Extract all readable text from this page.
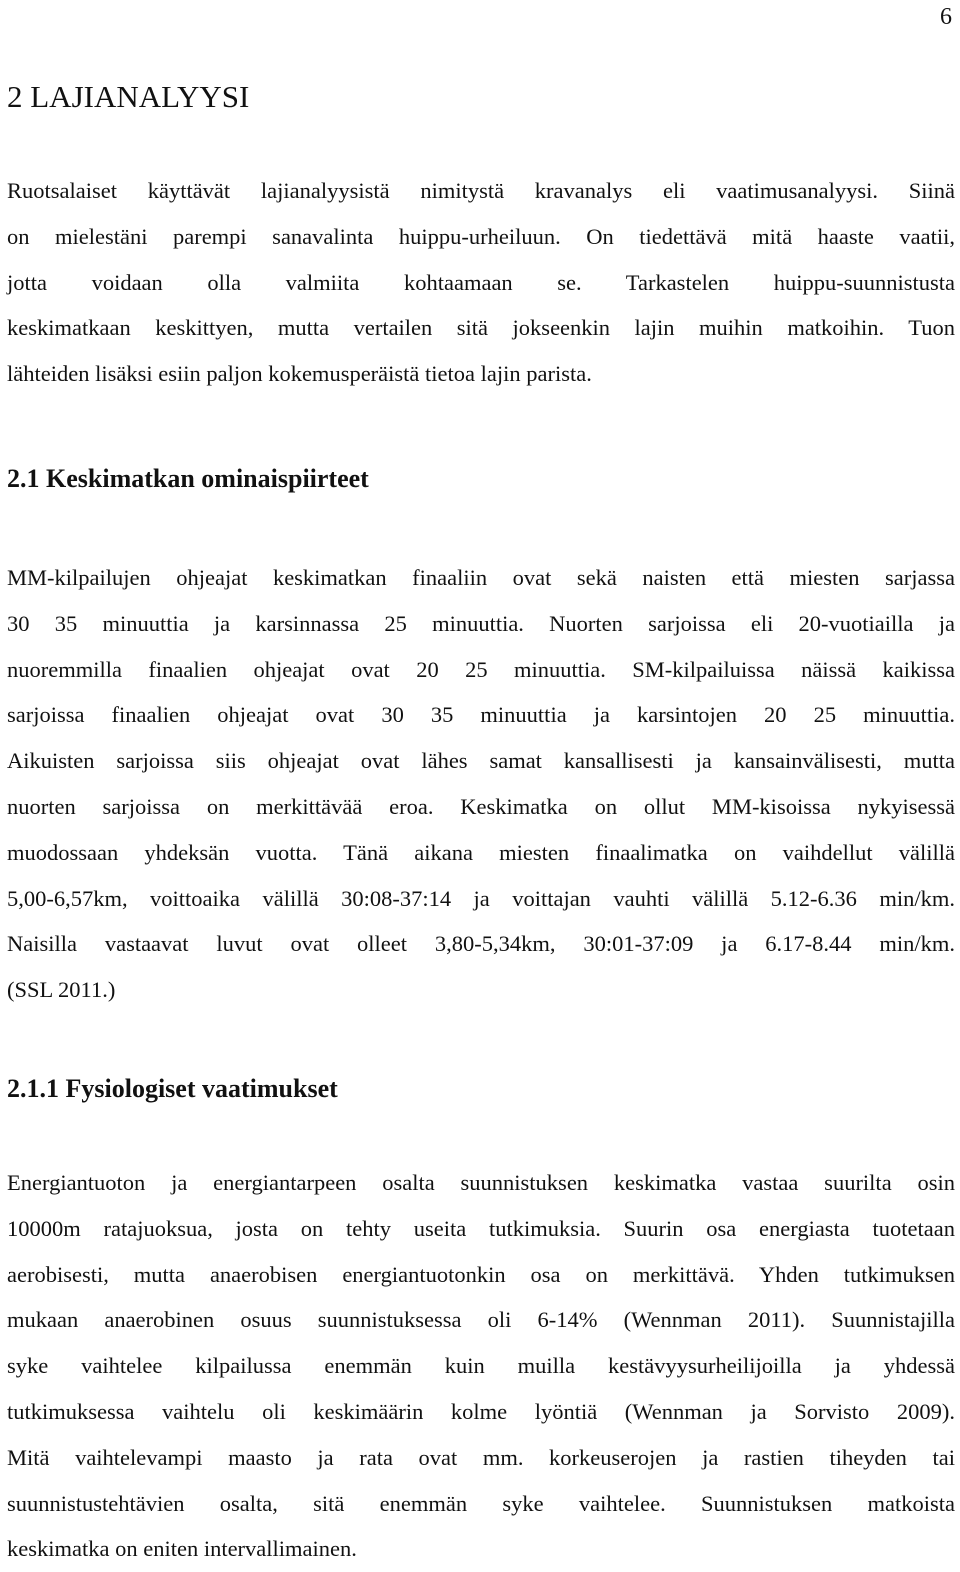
6
2 LAJIANALYYSI
Ruotsalaiset käyttävät lajianalyysistä nimitystä kravanalys eli vaatimusanalyysi. Siinä
on mielestäni parempi sanavalinta huippu-urheiluun. On tiedettävä mitä haaste vaatii,
jotta voidaan olla valmiita kohtaamaan se. Tarkastelen huippu-suunnistusta
keskimatkaan keskittyen, mutta vertailen sitä jokseenkin lajin muihin matkoihin. Tuon
lähteiden lisäksi esiin paljon kokemusperäistä tietoa lajin parista.
2.1 Keskimatkan ominaispiirteet
MM-kilpailujen ohjeajat keskimatkan finaaliin ovat sekä naisten että miesten sarjassa
30 35 minuuttia ja karsinnassa 25 minuuttia. Nuorten sarjoissa eli 20-vuotiailla ja
nuoremmilla finaalien ohjeajat ovat 20 25 minuuttia. SM-kilpailuissa näissä kaikissa
sarjoissa finaalien ohjeajat ovat 30 35 minuuttia ja karsintojen 20 25 minuuttia.
Aikuisten sarjoissa siis ohjeajat ovat lähes samat kansallisesti ja kansainvälisesti, mutta
nuorten sarjoissa on merkittävää eroa. Keskimatka on ollut MM-kisoissa nykyisessä
muodossaan yhdeksän vuotta. Tänä aikana miesten finaalimatka on vaihdellut välillä
5,00-6,57km, voittoaika välillä 30:08-37:14 ja voittajan vauhti välillä 5.12-6.36 min/km.
Naisilla vastaavat luvut ovat olleet 3,80-5,34km, 30:01-37:09 ja 6.17-8.44 min/km.
(SSL 2011.)
2.1.1 Fysiologiset vaatimukset
Energiantuoton ja energiantarpeen osalta suunnistuksen keskimatka vastaa suurilta osin
10000m ratajuoksua, josta on tehty useita tutkimuksia. Suurin osa energiasta tuotetaan
aerobisesti, mutta anaerobisen energiantuotonkin osa on merkittävä. Yhden tutkimuksen
mukaan anaerobinen osuus suunnistuksessa oli 6-14% (Wennman 2011). Suunnistajilla
syke vaihtelee kilpailussa enemmän kuin muilla kestävyysurheilijoilla ja yhdessä
tutkimuksessa vaihtelu oli keskimäärin kolme lyöntiä (Wennman ja Sorvisto 2009).
Mitä vaihtelevampi maasto ja rata ovat mm. korkeuserojen ja rastien tiheyden tai
suunnistustehtävien osalta, sitä enemmän syke vaihtelee. Suunnistuksen matkoista
keskimatka on eniten intervallimainen.
